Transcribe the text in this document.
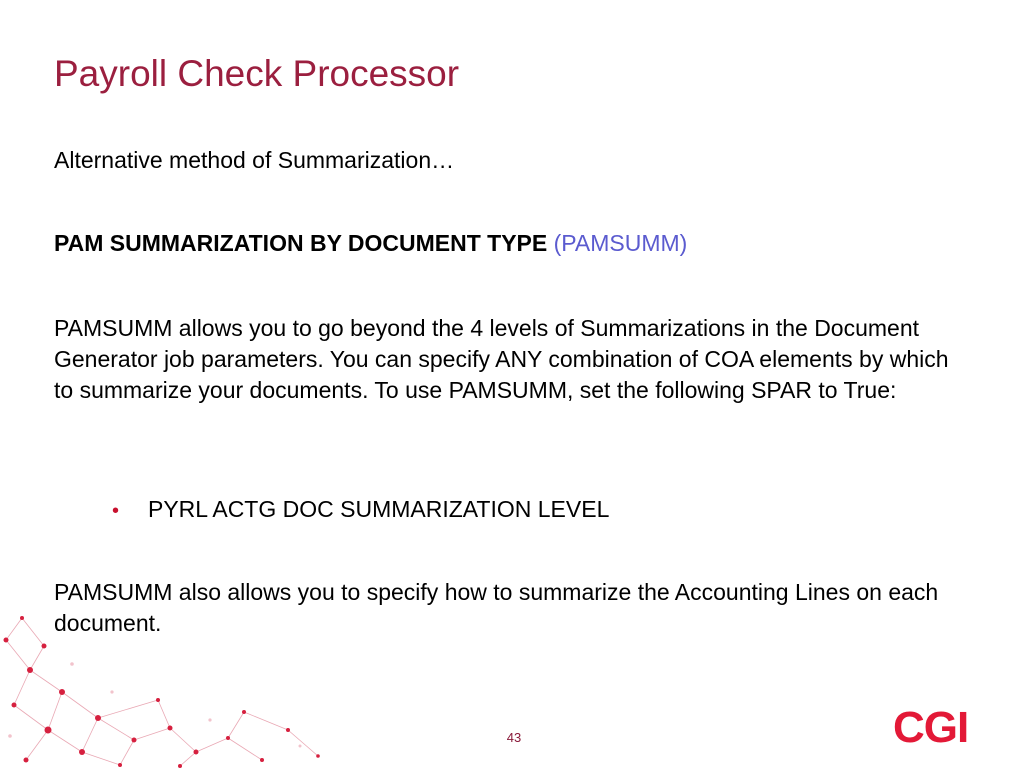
Payroll Check Processor
Alternative method of Summarization…
PAM SUMMARIZATION BY DOCUMENT TYPE (PAMSUMM)
PAMSUMM allows you to go beyond the 4 levels of Summarizations in the Document Generator job parameters. You can specify ANY combination of COA elements by which to summarize your documents. To use PAMSUMM, set the following SPAR to True:
• PYRL ACTG DOC SUMMARIZATION LEVEL
PAMSUMM also allows you to specify how to summarize the Accounting Lines on each document.
43	CGI
